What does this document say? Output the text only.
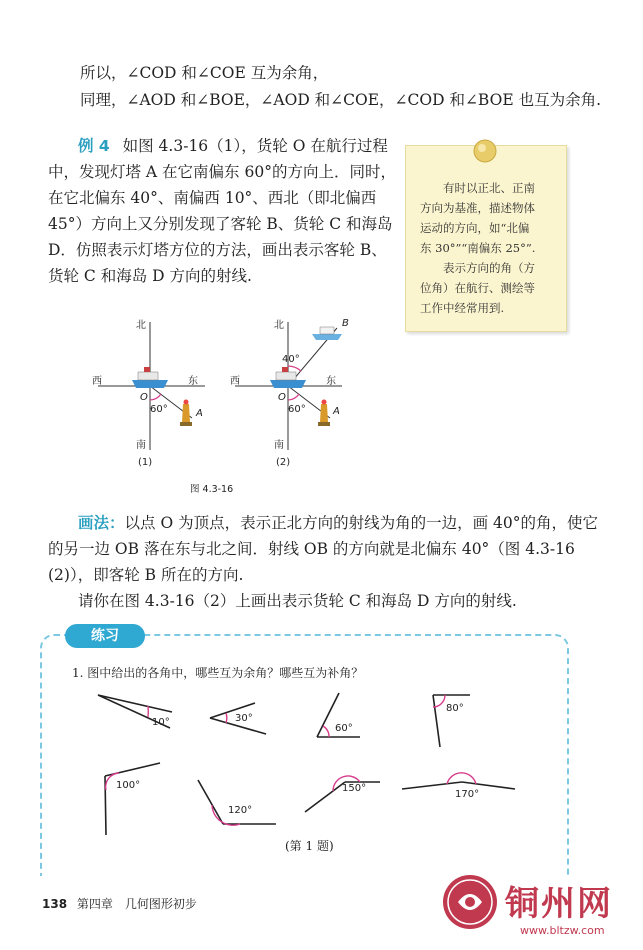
所以，∠COD 和∠COE 互为余角，
同理，∠AOD 和∠BOE，∠AOD 和∠COE，∠COD 和∠BOE 也互为余角.
例 4 如图 4.3-16（1），货轮 O 在航行过程
中，发现灯塔 A 在它南偏东 60°的方向上．同时，
在它北偏东 40°、南偏西 10°、西北（即北偏西
45°）方向上又分别发现了客轮 B、货轮 C 和海岛
D．仿照表示灯塔方位的方法，画出表示客轮 B、
货轮 C 和海岛 D 方向的射线.

有时以正北、正南

方向为基准，描述物体

运动的方向，如“北偏

东 30°”“南偏东 25°”.

表示方向的角（方

位角）在航行、测绘等

工作中经常用到.

北
南
西	东
O
60°	A
(1)
北
南
西	东
O
60°
40°
A
B
(2)
图 4.3-16
画法：以点 O 为顶点，表示正北方向的射线为角的一边，画 40°的角，使它
的另一边 OB 落在东与北之间．射线 OB 的方向就是北偏东 40°（图 4.3-16
(2)），即客轮 B 所在的方向.
请你在图 4.3-16（2）上画出表示货轮 C 和海岛 D 方向的射线.
练习
1. 图中给出的各角中，哪些互为余角？哪些互为补角？
10°	30°
60°
80°
100°
120°
150°
170°
(第 1 题)
138 第四章　几何图形初步	铜州网
www.bltzw.com
